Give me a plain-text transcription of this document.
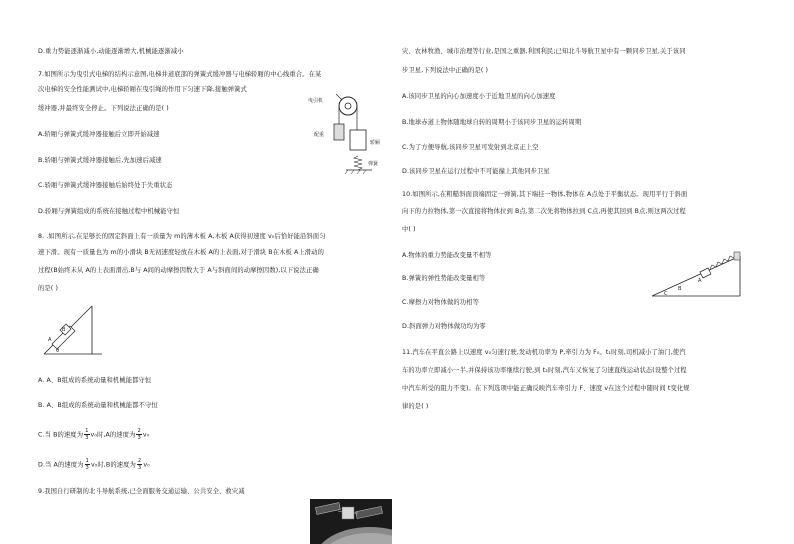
D.重力势能逐渐减小,动能逐渐增大,机械能逐渐减小
7.如图所示为曳引式电梯的结构示意图,电梯井道底部的弹簧式缓冲器与电梯轿厢的中心线重合。在某
次电梯的安全性能测试中,电梯轿厢在曳引绳的作用下匀速下降,接触弹簧式
缓冲器,并最终安全停止。下列说法正确的是( )
A.轿厢与弹簧式缓冲器接触后立即开始减速
B.轿厢与弹簧式缓冲器接触后,先加速后减速
C.轿厢与弹簧式缓冲器接触后始终处于失重状态
D.轿厢与弹簧组成的系统在接触过程中机械能守恒
曳引机
配重
轿厢
弹簧
8. .如图所示,在足够长的固定斜面上有一质量为 m的薄木板 A,木板 A获得初速度 v₀后恰好能沿斜面匀
速下滑。现有一质量也为 m的小滑块 B无初速度轻放在木板 A的上表面,对于滑块 B在木板 A上滑动的
过程(B始终未从 A的上表面滑出,B与 A间的动摩擦因数大于 A与斜面间的动摩擦因数),以下说法正确
的是( )
B
A
θ
A. A、B组成的系统动量和机械能都守恒
B. A、B组成的系统动量和机械能都不守恒
C.当 B的速度为 $\frac{1}{3} v_0$时,A的速度为 $\frac{2}{3} v_0$
D.当 A的速度为 $\frac{1}{3} v_0$时,B的速度为 $\frac{2}{3} v_0$
9.我国自行研制的北斗导航系统,已全面服务交通运输、公共安全、救灾减
灾、农林牧渔、城市治理等行业,是国之重器,利国利民;已知北斗导航卫星中有一颗同步卫星,关于该同
步卫星,下列说法中正确的是( )
A.该同步卫星的向心加速度小于近地卫星的向心加速度
B.地球赤道上物体随地球自转的周期小于该同步卫星的运转周期
C.为了方便导航,该同步卫星可发射到北京正上空
D.该同步卫星在运行过程中不可能撞上其他同步卫星
10.如图所示,在粗糙斜面顶端固定一弹簧,其下端挂一物体,物体在 A点处于平衡状态。现用平行于斜面
向下的力拉物体,第一次直接将物体拉到 B点,第二次先将物体拉到 C点,再使其回到 B点,则这两次过程
中( )
A.物体的重力势能改变量不相等
B.弹簧的弹性势能改变量相等
C.摩擦力对物体做的功相等
D.斜面弹力对物体做功均为零
A
B
C
11.汽车在平直公路上以速度 v₀匀速行驶,发动机功率为 P,牵引力为 F₀。t₁时刻,司机减小了油门,使汽
车的功率立即减小一半,并保持该功率继续行驶,到 t₂时刻,汽车又恢复了匀速直线运动状态(设整个过程
中汽车所受的阻力不变)。在下列选项中能正确反映汽车牵引力 F、速度 v在这个过程中随时间 t变化规
律的是( )
